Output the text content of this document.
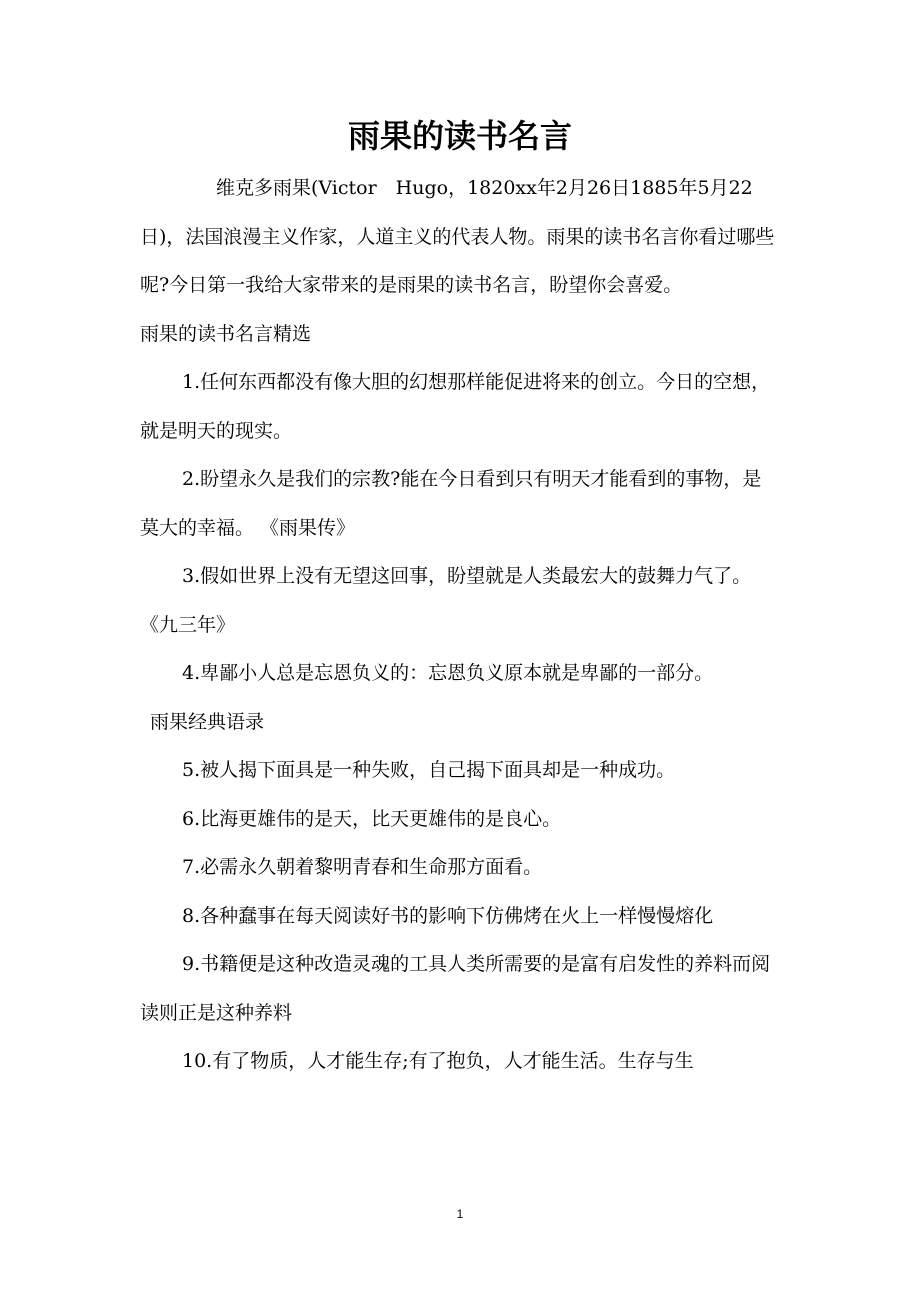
雨果的读书名言

维克多雨果(Victor　Hugo，1820xx年2月26日1885年5月22日)，法国浪漫主义作家，人道主义的代表人物。雨果的读书名言你看过哪些呢?今日第一我给大家带来的是雨果的读书名言，盼望你会喜爱。

雨果的读书名言精选

1.任何东西都没有像大胆的幻想那样能促进将来的创立。今日的空想，就是明天的现实。

2.盼望永久是我们的宗教?能在今日看到只有明天才能看到的事物，是莫大的幸福。 《雨果传》

3.假如世界上没有无望这回事，盼望就是人类最宏大的鼓舞力气了。 《九三年》

4.卑鄙小人总是忘恩负义的：忘恩负义原本就是卑鄙的一部分。

雨果经典语录

5.被人揭下面具是一种失败，自己揭下面具却是一种成功。

6.比海更雄伟的是天，比天更雄伟的是良心。

7.必需永久朝着黎明青春和生命那方面看。

8.各种蠢事在每天阅读好书的影响下仿佛烤在火上一样慢慢熔化

9.书籍便是这种改造灵魂的工具人类所需要的是富有启发性的养料而阅读则正是这种养料

10.有了物质，人才能生存;有了抱负，人才能生活。生存与生

1
